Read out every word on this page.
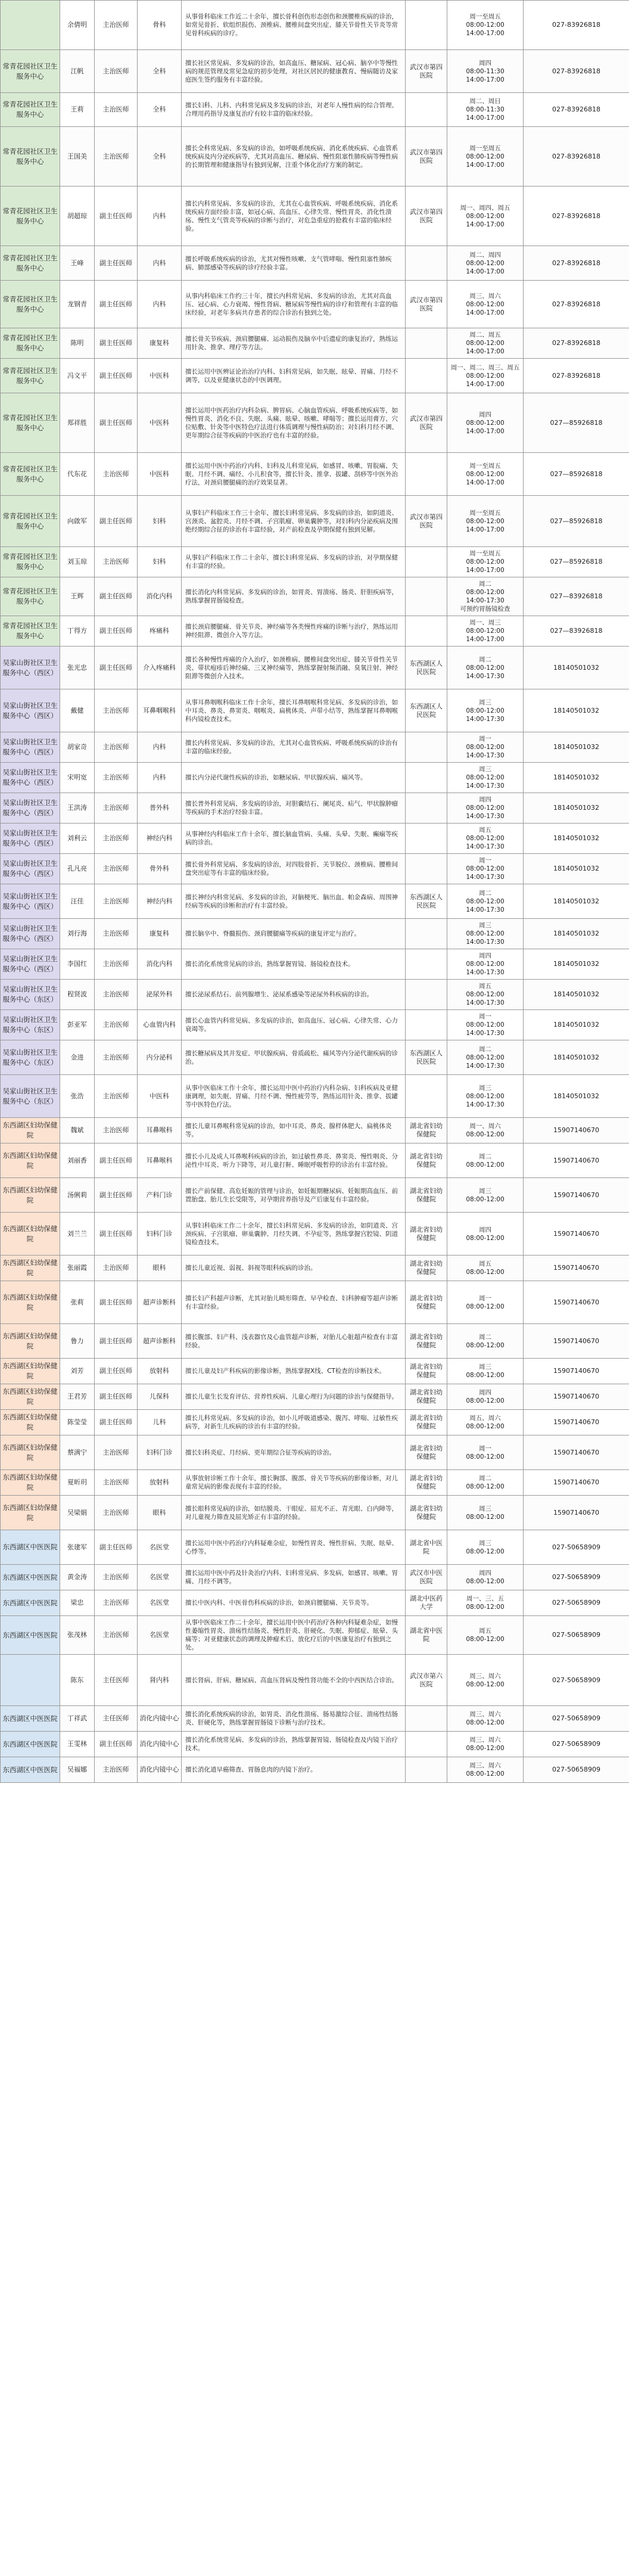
	余倩明	主治医师	骨科	从事骨科临床工作近二十余年，擅长骨科创伤形态创伤和颈腰椎疾病的诊治，如常见骨折、软组织损伤、颈椎病、腰椎间盘突出症、膝关节骨性关节炎等常见骨科疾病的诊疗。		周一至周五
08:00-12:00
14:00-17:00	027-83926818
常青花园社区卫生服务中心	江帆	主治医师	全科	擅长社区常见病、多发病的诊治，如高血压、糖尿病、冠心病、脑卒中等慢性病的规范管理及常见急症的初步处理，对社区居民的健康教育、慢病随访及家庭医生签约服务有丰富经验。	武汉市第四医院	周四
08:00-11:30
14:00-17:00	027-83926818
常青花园社区卫生服务中心	王莉	主治医师	全科	擅长妇科、儿科、内科常见病及多发病的诊治，对老年人慢性病的综合管理、合理用药指导及康复治疗有较丰富的临床经验。		周二、周日
08:00-11:30
14:00-17:00	027-83926818
常青花园社区卫生服务中心	王国美	主治医师	全科	擅长全科常见病、多发病的诊治，如呼吸系统疾病、消化系统疾病、心血管系统疾病及内分泌疾病等，尤其对高血压、糖尿病、慢性阻塞性肺疾病等慢性病的长期管理和健康指导有独到见解，注重个体化治疗方案的制定。	武汉市第四医院	周一至周五
08:00-12:00
14:00-17:00	027-83926818
常青花园社区卫生服务中心	胡超琼	副主任医师	内科	擅长内科常见病、多发病的诊治，尤其在心血管疾病、呼吸系统疾病、消化系统疾病方面经验丰富，如冠心病、高血压、心律失常、慢性胃炎、消化性溃疡、慢性支气管炎等疾病的诊断与治疗，对危急重症的抢救有丰富的临床经验。	武汉市第四医院	周一、周四、周五
08:00-12:00
14:00-17:00	027-83926818
常青花园社区卫生服务中心	王峰	副主任医师	内科	擅长呼吸系统疾病的诊治，尤其对慢性咳嗽、支气管哮喘、慢性阻塞性肺疾病、肺部感染等疾病的诊疗经验丰富。		周二、周四
08:00-12:00
14:00-17:00	027-83926818
常青花园社区卫生服务中心	龙钢青	副主任医师	内科	从事内科临床工作约三十年，擅长内科常见病、多发病的诊治，尤其对高血压、冠心病、心力衰竭、慢性肾病、糖尿病等慢性病的诊疗和管理有丰富的临床经验，对老年多病共存患者的综合诊治有独到之处。	武汉市第四医院	周三、周六
08:00-12:00
14:00-17:00	027-83926818
常青花园社区卫生服务中心	陈明	副主任医师	康复科	擅长骨关节疾病、颈肩腰腿痛、运动损伤及脑卒中后遗症的康复治疗，熟练运用针灸、推拿、理疗等方法。		周二、周五
08:00-12:00
14:00-17:00	027-83926818
常青花园社区卫生服务中心	冯文平	副主任医师	中医科	擅长运用中医辨证论治治疗内科、妇科常见病，如失眠、眩晕、胃痛、月经不调等，以及亚健康状态的中医调理。		周一、周二、周三、周五
08:00-12:00
14:00-17:00	027-83926818
常青花园社区卫生服务中心	郑祥胜	副主任医师	中医科	擅长运用中医药治疗内科杂病、脾胃病、心脑血管疾病、呼吸系统疾病等，如慢性胃炎、消化不良、失眠、头痛、眩晕、咳嗽、哮喘等；擅长运用膏方、穴位贴敷、针灸等中医特色疗法进行体质调理与慢性病防治；对妇科月经不调、更年期综合征等疾病的中医治疗也有丰富的经验。	武汉市第四医院	周四
08:00-12:00
14:00-17:00	027—85926818
常青花园社区卫生服务中心	代东花	主治医师	中医科	擅长运用中医中药治疗内科、妇科及儿科常见病，如感冒、咳嗽、胃脘痛、失眠、月经不调、痛经、小儿积食等，擅长针灸、推拿、拔罐、刮痧等中医外治疗法，对颈肩腰腿痛的治疗效果显著。		周一至周五
08:00-12:00
14:00-17:00	027—85926818
常青花园社区卫生服务中心	向啟军	副主任医师	妇科	从事妇产科临床工作三十余年，擅长妇科常见病、多发病的诊治，如阴道炎、宫颈炎、盆腔炎、月经不调、子宫肌瘤、卵巢囊肿等，对妇科内分泌疾病及围绝经期综合征的诊治有丰富经验，对产前检查及孕期保健有独到见解。	武汉市第四医院	周一至周五
08:00-12:00
14:00-17:00	027—85926818
常青花园社区卫生服务中心	刘玉琼	主治医师	妇科	从事妇产科临床工作二十余年，擅长妇科常见病、多发病的诊治，对孕期保健有丰富的经验。		周一至周五
08:00-12:00
14:00-17:00	027—85926818
常青花园社区卫生服务中心	王辉	副主任医师	消化内科	擅长消化内科常见病、多发病的诊治，如胃炎、胃溃疡、肠炎、肝胆疾病等，熟练掌握胃肠镜检查。		周二
08:00-12:00
14:00-17:30
可预约胃肠镜检查	027—83926818
常青花园社区卫生服务中心	丁得方	副主任医师	疼痛科	擅长颈肩腰腿痛、骨关节炎、神经痛等各类慢性疼痛的诊断与治疗，熟练运用神经阻滞、微创介入等方法。		周一、周三
08:00-12:00
14:00-17:00	027—83926818
吴家山街社区卫生服务中心（西区）	张光忠	副主任医师	介入疼痛科	擅长各种慢性疼痛的介入治疗，如颈椎病、腰椎间盘突出症、膝关节骨性关节炎、带状疱疹后神经痛、三叉神经痛等，熟练掌握射频消融、臭氧注射、神经阻滞等微创介入技术。	东西湖区人民医院	周二
08:00-12:00
14:00-17:30	18140501032
吴家山街社区卫生服务中心（西区）	戴健	主治医师	耳鼻咽喉科	从事耳鼻咽喉科临床工作十余年，擅长耳鼻咽喉科常见病、多发病的诊治，如中耳炎、鼻炎、鼻窦炎、咽喉炎、扁桃体炎、声带小结等，熟练掌握耳鼻咽喉科内镜检查技术。	东西湖区人民医院	周三
08:00-12:00
14:00-17:30	18140501032
吴家山街社区卫生服务中心（西区）	胡家奇	主治医师	内科	擅长内科常见病、多发病的诊治，尤其对心血管疾病、呼吸系统疾病的诊治有丰富的临床经验。		周一
08:00-12:00
14:00-17:30	18140501032
吴家山街社区卫生服务中心（西区）	宋明宽	主治医师	内科	擅长内分泌代谢性疾病的诊治，如糖尿病、甲状腺疾病、痛风等。		周三
08:00-12:00
14:00-17:30	18140501032
吴家山街社区卫生服务中心（西区）	王洪涛	主治医师	普外科	擅长普外科常见病、多发病的诊治，对胆囊结石、阑尾炎、疝气、甲状腺肿瘤等疾病的手术治疗经验丰富。		周四
08:00-12:00
14:00-17:30	18140501032
吴家山街社区卫生服务中心（西区）	刘利云	主治医师	神经内科	从事神经内科临床工作十余年，擅长脑血管病、头痛、头晕、失眠、癫痫等疾病的诊治。		周五
08:00-12:00
14:00-17:30	18140501032
吴家山街社区卫生服务中心（西区）	孔凡亮	主治医师	骨外科	擅长骨外科常见病、多发病的诊治，对四肢骨折、关节脱位、颈椎病、腰椎间盘突出症等有丰富的临床经验。		周一
08:00-12:00
14:00-17:30	18140501032
吴家山街社区卫生服务中心（西区）	汪佳	主治医师	神经内科	擅长神经内科常见病、多发病的诊治，对脑梗死、脑出血、帕金森病、周围神经病等疾病的诊断和治疗有丰富经验。	东西湖区人民医院	周二
08:00-12:00
14:00-17:30	18140501032
吴家山街社区卫生服务中心（西区）	刘行海	主治医师	康复科	擅长脑卒中、脊髓损伤、颈肩腰腿痛等疾病的康复评定与治疗。		周三
08:00-12:00
14:00-17:30	18140501032
吴家山街社区卫生服务中心（西区）	李国红	主治医师	消化内科	擅长消化系统常见病的诊治，熟练掌握胃镜、肠镜检查技术。		周四
08:00-12:00
14:00-17:30	18140501032
吴家山街社区卫生服务中心（东区）	程贤波	主治医师	泌尿外科	擅长泌尿系结石、前列腺增生、泌尿系感染等泌尿外科疾病的诊治。		周五
08:00-12:00
14:00-17:30	18140501032
吴家山街社区卫生服务中心（东区）	彭亚军	主治医师	心血管内科	擅长心血管内科常见病、多发病的诊治，如高血压、冠心病、心律失常、心力衰竭等。		周一
08:00-12:00
14:00-17:30	18140501032
吴家山街社区卫生服务中心（东区）	金进	主治医师	内分泌科	擅长糖尿病及其并发症、甲状腺疾病、骨质疏松、痛风等内分泌代谢疾病的诊治。	东西湖区人民医院	周二
08:00-12:00
14:00-17:30	18140501032
吴家山街社区卫生服务中心（东区）	张浩	主治医师	中医科	从事中医临床工作十余年，擅长运用中医中药治疗内科杂病、妇科疾病及亚健康调理，如失眠、胃痛、月经不调、慢性疲劳等，熟练运用针灸、推拿、拔罐等中医特色疗法。		周三
08:00-12:00
14:00-17:30	18140501032
东西湖区妇幼保健院	魏斌	主治医师	耳鼻喉科	擅长儿童耳鼻喉科常见病的诊治，如中耳炎、鼻炎、腺样体肥大、扁桃体炎等。	湖北省妇幼保健院	周一、周六
08:00-12:00	15907140670
东西湖区妇幼保健院	刘丽香	副主任医师	耳鼻喉科	擅长小儿及成人耳鼻喉科疾病的诊治，如过敏性鼻炎、鼻窦炎、慢性咽炎、分泌性中耳炎、听力下降等，对儿童打鼾、睡眠呼吸暂停的诊治有丰富经验。	湖北省妇幼保健院	周二
08:00-12:00	15907140670
东西湖区妇幼保健院	汤俐莉	副主任医师	产科门诊	擅长产前保健、高危妊娠的管理与诊治，如妊娠期糖尿病、妊娠期高血压、前置胎盘、胎儿生长受限等，对孕期营养指导及产后康复有丰富经验。	湖北省妇幼保健院	周三
08:00-12:00	15907140670
东西湖区妇幼保健院	刘兰兰	副主任医师	妇科门诊	从事妇科临床工作二十余年，擅长妇科常见病、多发病的诊治，如阴道炎、宫颈疾病、子宫肌瘤、卵巢囊肿、月经失调、不孕症等，熟练掌握宫腔镜、阴道镜检查技术。	湖北省妇幼保健院	周四
08:00-12:00	15907140670
东西湖区妇幼保健院	张丽霞	主治医师	眼科	擅长儿童近视、弱视、斜视等眼科疾病的诊治。	湖北省妇幼保健院	周五
08:00-12:00	15907140670
东西湖区妇幼保健院	张莉	副主任医师	超声诊断科	擅长妇产科超声诊断，尤其对胎儿畸形筛查、早孕检查、妇科肿瘤等超声诊断有丰富经验。	湖北省妇幼保健院	周一
08:00-12:00	15907140670
东西湖区妇幼保健院	鲁力	副主任医师	超声诊断科	擅长腹部、妇产科、浅表器官及心血管超声诊断，对胎儿心脏超声检查有丰富经验。	湖北省妇幼保健院	周二
08:00-12:00	15907140670
东西湖区妇幼保健院	刘芳	副主任医师	放射科	擅长儿童及妇产科疾病的影像诊断，熟练掌握X线、CT检查的诊断技术。	湖北省妇幼保健院	周三
08:00-12:00	15907140670
东西湖区妇幼保健院	王君芳	副主任医师	儿保科	擅长儿童生长发育评估、营养性疾病、儿童心理行为问题的诊治与保健指导。	湖北省妇幼保健院	周四
08:00-12:00	15907140670
东西湖区妇幼保健院	陈莹莹	副主任医师	儿科	擅长儿科常见病、多发病的诊治，如小儿呼吸道感染、腹泻、哮喘、过敏性疾病等，对新生儿疾病的诊治有丰富的经验。	湖北省妇幼保健院	周五、周六
08:00-12:00	15907140670
东西湖区妇幼保健院	蔡满宁	主治医师	妇科门诊	擅长妇科炎症、月经病、更年期综合征等疾病的诊治。	湖北省妇幼保健院	周一
08:00-12:00	15907140670
东西湖区妇幼保健院	夏昕玥	主治医师	放射科	从事放射诊断工作十余年，擅长胸部、腹部、骨关节等疾病的影像诊断，对儿童常见病的影像表现有丰富的经验。	湖北省妇幼保健院	周二
08:00-12:00	15907140670
东西湖区妇幼保健院	吴梁娟	主治医师	眼科	擅长眼科常见病的诊治，如结膜炎、干眼症、屈光不正、青光眼、白内障等，对儿童视力筛查及屈光矫正有丰富的经验。	湖北省妇幼保健院	周三
08:00-12:00	15907140670
东西湖区中医医院	张建军	副主任医师	名医堂	擅长运用中医中药治疗内科疑难杂症，如慢性胃炎、慢性肝病、失眠、眩晕、心悸等。	湖北省中医院	周三
08:00-12:00	027-50658909
东西湖区中医医院	黄金涛	主治医师	名医堂	擅长运用中医中药及针灸治疗内科、妇科常见病、多发病，如感冒、咳嗽、胃痛、月经不调等。	武汉市中医医院	周四
08:00-12:00	027-50658909
东西湖区中医医院	梁忠	主治医师	名医堂	擅长中医内科、中医骨伤科疾病的诊治，如颈肩腰腿痛、关节炎等。	湖北中医药大学	周一、三、五
08:00-12:00	027-50658909
东西湖区中医医院	张茂林	主治医师	名医堂	从事中医临床工作二十余年，擅长运用中医中药治疗各种内科疑难杂症，如慢性萎缩性胃炎、溃疡性结肠炎、慢性肝炎、肝硬化、失眠、抑郁症、眩晕、头痛等；对亚健康状态的调理及肿瘤术后、放化疗后的中医康复治疗有独到之处。	湖北省中医院	周五
08:00-12:00	027-50658909
	陈东	主任医师	肾内科	擅长肾病、肝病、糖尿病、高血压肾病及慢性肾功能不全的中西医结合诊治。	武汉市第六医院	周三、周六
08:00-12:00	027-50658909
东西湖区中医医院	丁祥武	主任医师	消化内镜中心	擅长消化系统疾病的诊治，如胃炎、消化性溃疡、肠易激综合征、溃疡性结肠炎、肝硬化等，熟练掌握胃肠镜下诊断与治疗技术。		周三、周六
08:00-12:00	027-50658909
东西湖区中医医院	王雯林	副主任医师	消化内镜中心	擅长消化系统常见病、多发病的诊治，熟练掌握胃镜、肠镜检查及内镜下治疗技术。		周三、周六
08:00-12:00	027-50658909
东西湖区中医医院	吴福娜	主治医师	消化内镜中心	擅长消化道早癌筛查、胃肠息肉的内镜下治疗。		周三、周六
08:00-12:00	027-50658909
